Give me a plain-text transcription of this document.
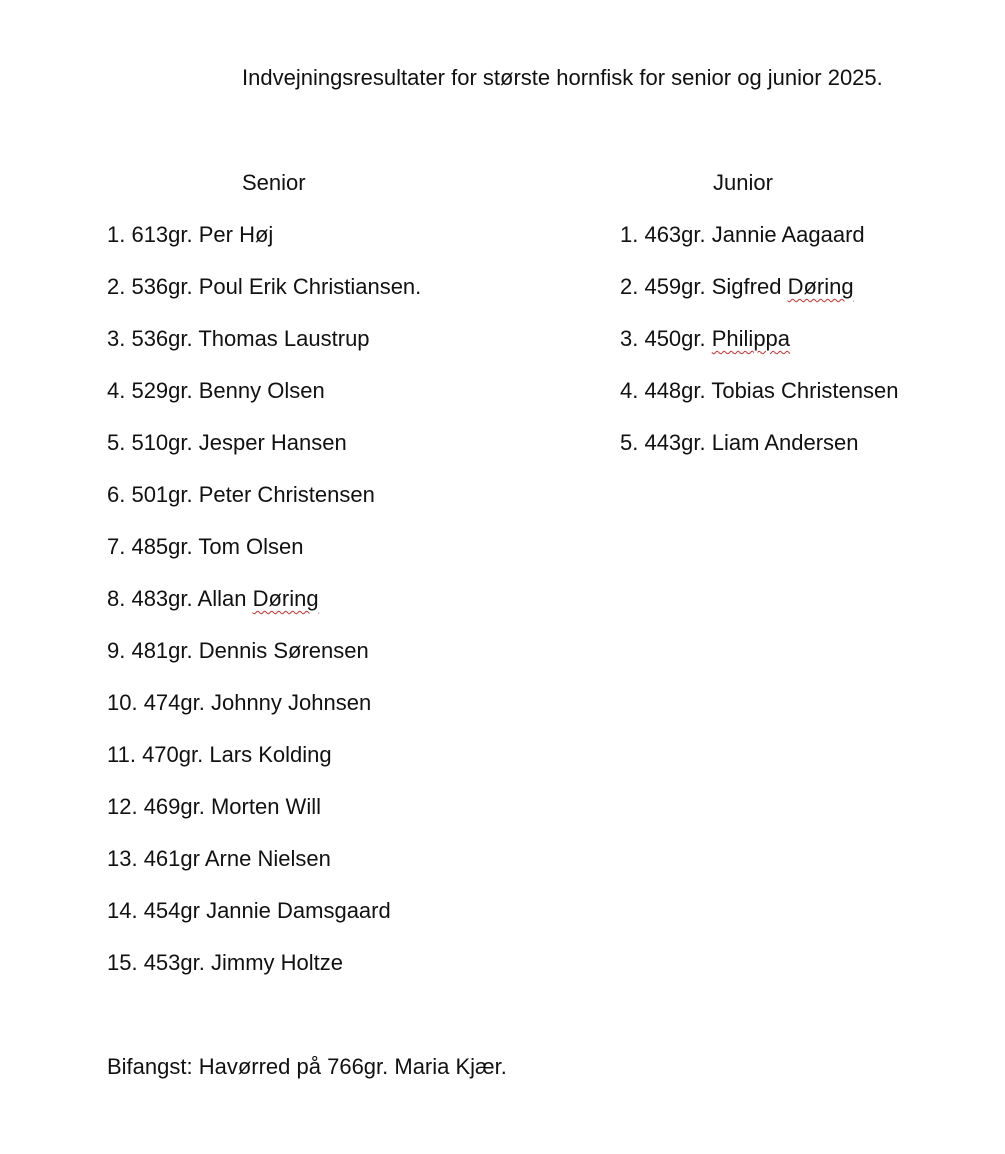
Indvejningsresultater for største hornfisk for senior og junior 2025.
Senior	Junior
1. 613gr. Per Høj
2. 536gr. Poul Erik Christiansen.
3. 536gr. Thomas Laustrup
4. 529gr. Benny Olsen
5. 510gr. Jesper Hansen
6. 501gr. Peter Christensen
7. 485gr. Tom Olsen
8. 483gr. Allan Døring
9. 481gr. Dennis Sørensen
10. 474gr. Johnny Johnsen
11. 470gr. Lars Kolding
12. 469gr. Morten Will
13. 461gr Arne Nielsen
14. 454gr Jannie Damsgaard
15. 453gr. Jimmy Holtze
1. 463gr. Jannie Aagaard
2. 459gr. Sigfred Døring
3. 450gr. Philippa
4. 448gr. Tobias Christensen
5. 443gr. Liam Andersen
Bifangst: Havørred på 766gr. Maria Kjær.
